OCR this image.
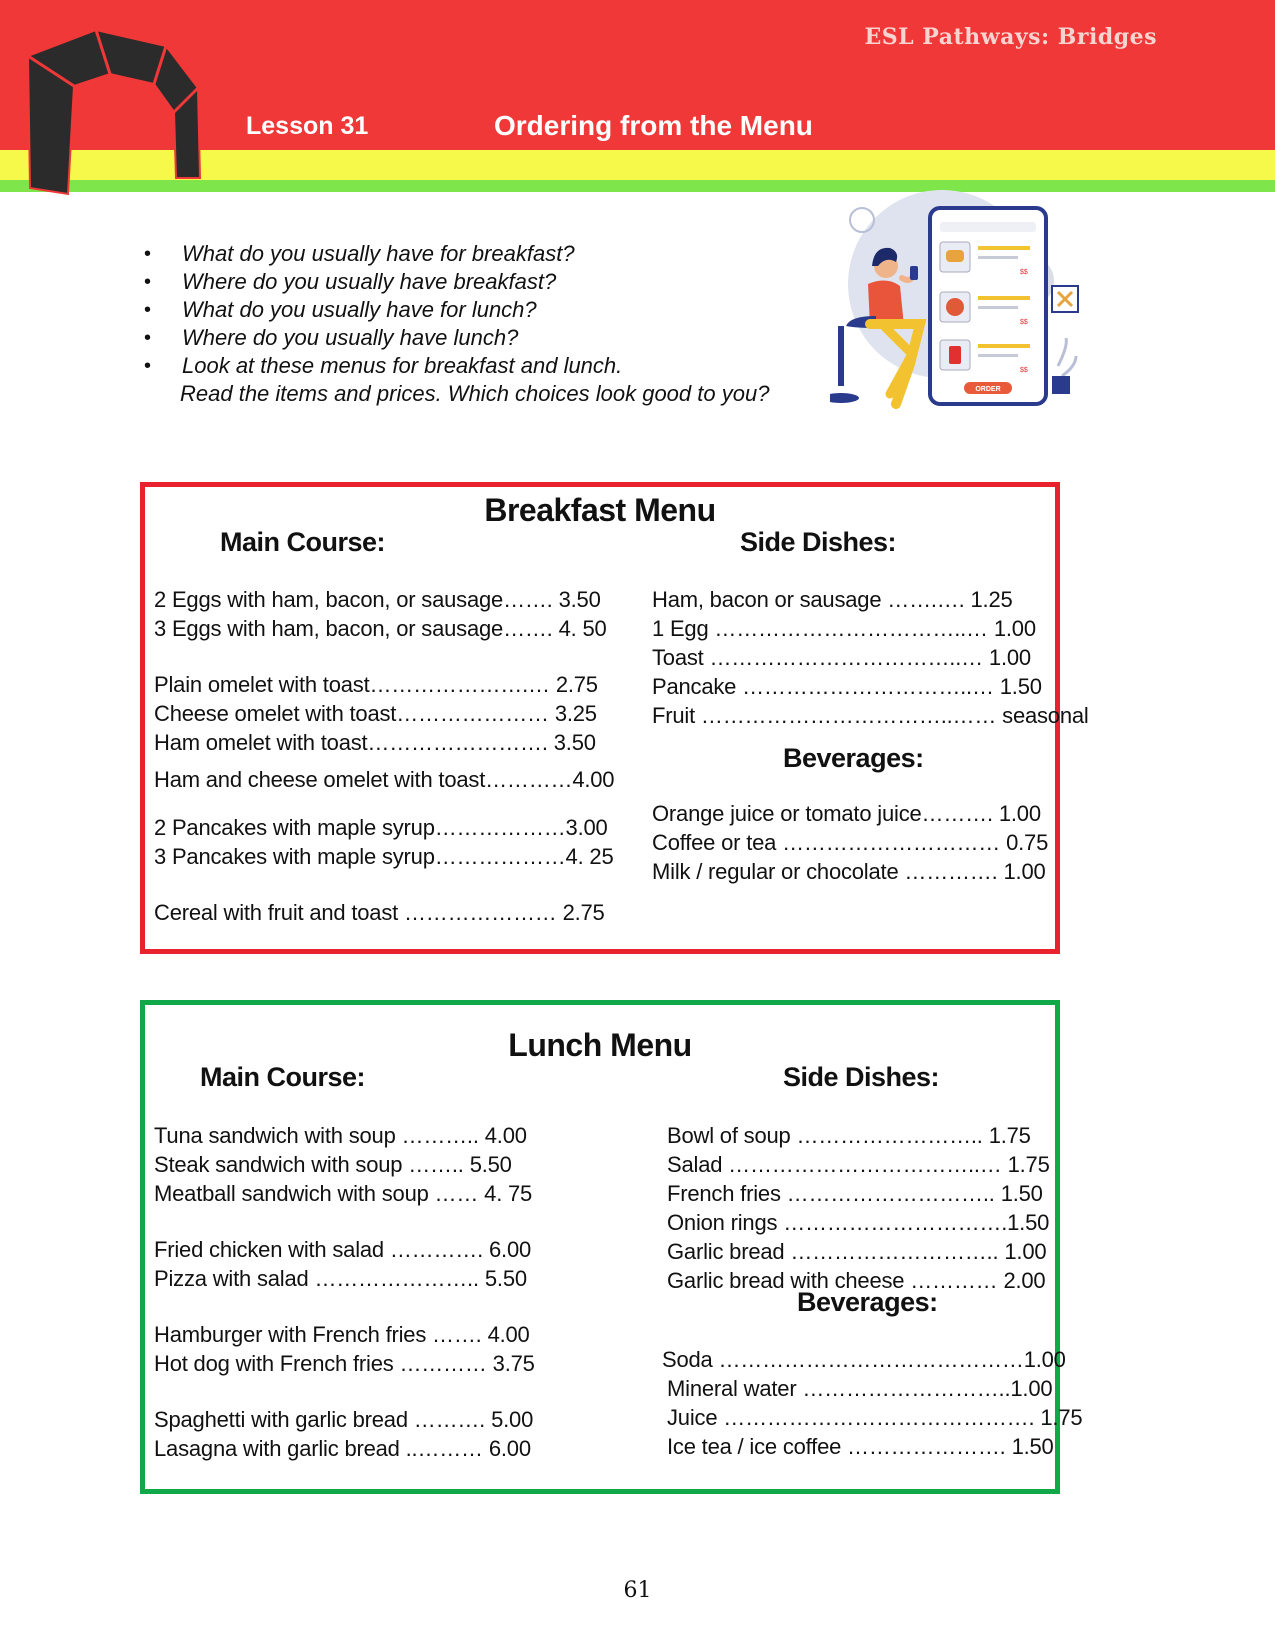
ESL Pathways: Bridges
Lesson 31	Ordering from the Menu
• What do you usually have for breakfast?
• Where do you usually have breakfast?
• What do you usually have for lunch?
• Where do you usually have lunch?
• Look at these menus for breakfast and lunch.
Read the items and prices. Which choices look good to you?
$$
$$
$$
ORDER
Breakfast Menu
Main Course:	Side Dishes:
2 Eggs with ham, bacon, or sausage……. 3.50
3 Eggs with ham, bacon, or sausage……. 4. 50
Plain omelet with toast………………….… 2.75
Cheese omelet with toast………………… 3.25
Ham omelet with toast……………………. 3.50
Ham and cheese omelet with toast…………4.00
2 Pancakes with maple syrup………………3.00
3 Pancakes with maple syrup………………4. 25
Cereal with fruit and toast ………………… 2.75
Ham, bacon or sausage …….…. 1.25
1 Egg ……………………………..… 1.00
Toast ……………………………..… 1.00
Pancake …………………………..… 1.50
Fruit ……………………………..…… seasonal
Beverages:
Orange juice or tomato juice………. 1.00
Coffee or tea ………………………… 0.75
Milk / regular or chocolate …………. 1.00
Lunch Menu
Main Course:	Side Dishes:
Tuna sandwich with soup ……….. 4.00
Steak sandwich with soup …….. 5.50
Meatball sandwich with soup …… 4. 75
Fried chicken with salad …………. 6.00
Pizza with salad ………………….. 5.50
Hamburger with French fries ……. 4.00
Hot dog with French fries ………… 3.75
Spaghetti with garlic bread ………. 5.00
Lasagna with garlic bread ..……… 6.00
Bowl of soup …………………….. 1.75
Salad ……………………………..… 1.75
French fries ……………………….. 1.50
Onion rings ………………………….1.50
Garlic bread ……………………….. 1.00
Garlic bread with cheese ………… 2.00
Beverages:
Soda ……………………………………1.00
Mineral water ………………………..1.00
Juice ……………………………………. 1.75
Ice tea / ice coffee …………………. 1.50
61
